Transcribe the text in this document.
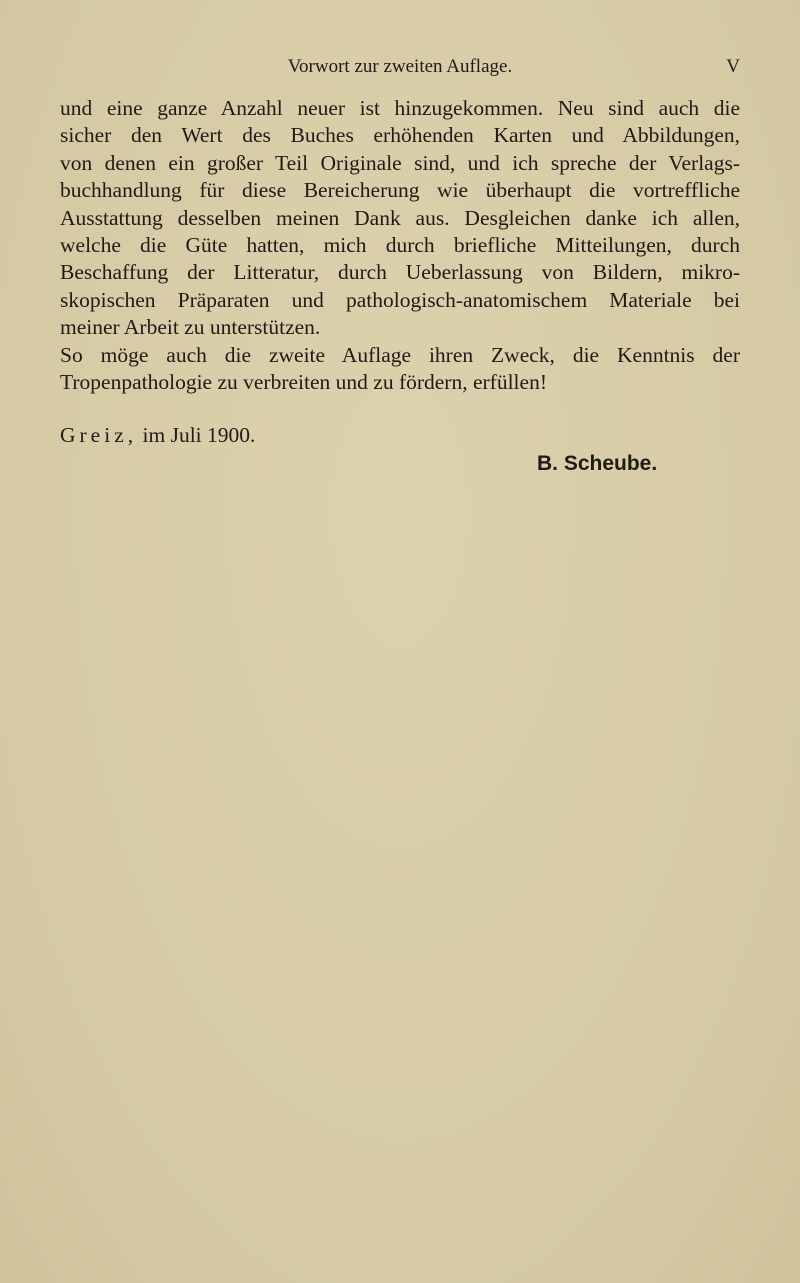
Vorwort zur zweiten Auflage.	V
und eine ganze Anzahl neuer ist hinzugekommen. Neu sind auch die
sicher den Wert des Buches erhöhenden Karten und Abbildungen,
von denen ein großer Teil Originale sind, und ich spreche der Verlags-
buchhandlung für diese Bereicherung wie überhaupt die vortreffliche
Ausstattung desselben meinen Dank aus. Desgleichen danke ich allen,
welche die Güte hatten, mich durch briefliche Mitteilungen, durch
Beschaffung der Litteratur, durch Ueberlassung von Bildern, mikro-
skopischen Präparaten und pathologisch-anatomischem Materiale bei
meiner Arbeit zu unterstützen.
So möge auch die zweite Auflage ihren Zweck, die Kenntnis der
Tropenpathologie zu verbreiten und zu fördern, erfüllen!
Greiz, im Juli 1900.
B. Scheube.
